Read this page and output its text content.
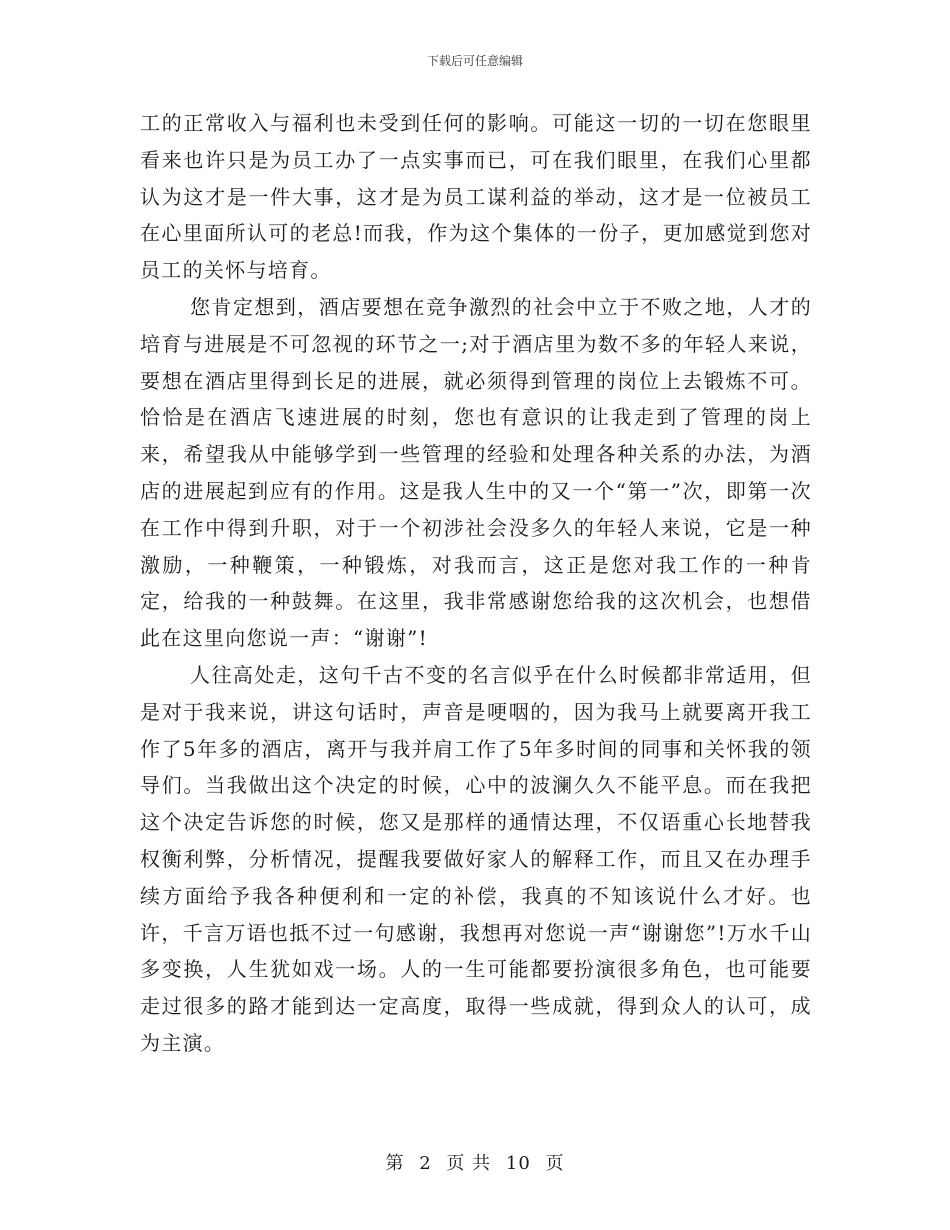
下载后可任意编辑

工的正常收入与福利也未受到任何的影响。可能这一切的一切在您眼里看来也许只是为员工办了一点实事而已，可在我们眼里，在我们心里都认为这才是一件大事，这才是为员工谋利益的举动，这才是一位被员工在心里面所认可的老总!而我，作为这个集体的一份子，更加感觉到您对员工的关怀与培育。

您肯定想到，酒店要想在竞争激烈的社会中立于不败之地，人才的培育与进展是不可忽视的环节之一;对于酒店里为数不多的年轻人来说，要想在酒店里得到长足的进展，就必须得到管理的岗位上去锻炼不可。恰恰是在酒店飞速进展的时刻，您也有意识的让我走到了管理的岗上来，希望我从中能够学到一些管理的经验和处理各种关系的办法，为酒店的进展起到应有的作用。这是我人生中的又一个“第一”次，即第一次在工作中得到升职，对于一个初涉社会没多久的年轻人来说，它是一种激励，一种鞭策，一种锻炼，对我而言，这正是您对我工作的一种肯定，给我的一种鼓舞。在这里，我非常感谢您给我的这次机会，也想借此在这里向您说一声：“谢谢”!

人往高处走，这句千古不变的名言似乎在什么时候都非常适用，但是对于我来说，讲这句话时，声音是哽咽的，因为我马上就要离开我工作了5年多的酒店，离开与我并肩工作了5年多时间的同事和关怀我的领导们。当我做出这个决定的时候，心中的波澜久久不能平息。而在我把这个决定告诉您的时候，您又是那样的通情达理，不仅语重心长地替我权衡利弊，分析情况，提醒我要做好家人的解释工作，而且又在办理手续方面给予我各种便利和一定的补偿，我真的不知该说什么才好。也许，千言万语也抵不过一句感谢，我想再对您说一声“谢谢您”!万水千山多变换，人生犹如戏一场。人的一生可能都要扮演很多角色，也可能要走过很多的路才能到达一定高度，取得一些成就，得到众人的认可，成为主演。

第 2 页 共 10 页
